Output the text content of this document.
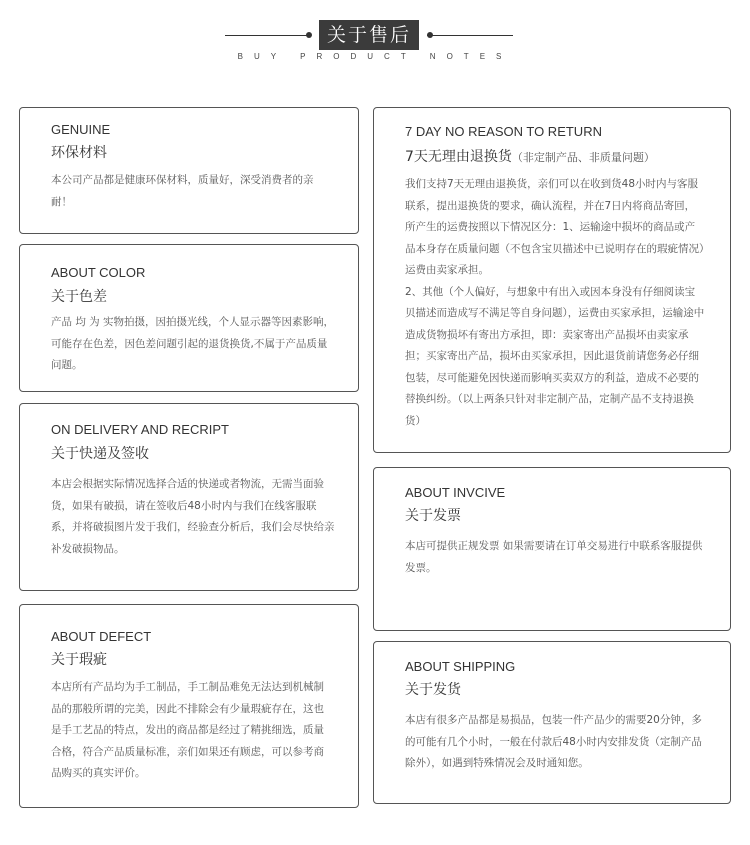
关于售后
BUY PRODUCT NOTES
GENUINE
环保材料
本公司产品都是健康环保材料，质量好，深受消费者的亲耐！
ABOUT COLOR
关于色差
产品 均 为 实物拍摄，因拍摄光线，个人显示器等因素影响，可能存在色差，因色差问题引起的退货换货,不属于产品质量问题。
ON DELIVERY AND RECRIPT
关于快递及签收
本店会根据实际情况选择合适的快递或者物流，无需当面验货，如果有破损，请在签收后48小时内与我们在线客服联系，并将破损图片发于我们，经验查分析后，我们会尽快给亲补发破损物品。
ABOUT DEFECT
关于瑕疵
本店所有产品均为手工制品，手工制品难免无法达到机械制品的那般所谓的完美，因此不排除会有少量瑕疵存在，这也是手工艺品的特点，发出的商品都是经过了精挑细选，质量合格，符合产品质量标准，亲们如果还有顾虑，可以参考商品购买的真实评价。
7 DAY NO REASON TO RETURN
7天无理由退换货（非定制产品、非质量问题）
我们支持7天无理由退换货，亲们可以在收到货48小时内与客服联系，提出退换货的要求，确认流程，并在7日内将商品寄回，所产生的运费按照以下情况区分：1、运输途中损坏的商品或产品本身存在质量问题（不包含宝贝描述中已说明存在的瑕疵情况）运费由卖家承担。
2、其他（个人偏好，与想象中有出入或因本身没有仔细阅读宝贝描述而造成写不满足等自身问题），运费由买家承担，运输途中造成货物损坏有寄出方承担，即：卖家寄出产品损坏由卖家承担；买家寄出产品，损坏由买家承担，因此退货前请您务必仔细包装，尽可能避免因快递而影响买卖双方的利益，造成不必要的替换纠纷。（以上两条只针对非定制产品，定制产品不支持退换货）
ABOUT INVCIVE
关于发票
本店可提供正规发票 如果需要请在订单交易进行中联系客服提供发票。
ABOUT SHIPPING
关于发货
本店有很多产品都是易损品，包装一件产品少的需要20分钟，多的可能有几个小时，一般在付款后48小时内安排发货（定制产品除外），如遇到特殊情况会及时通知您。
